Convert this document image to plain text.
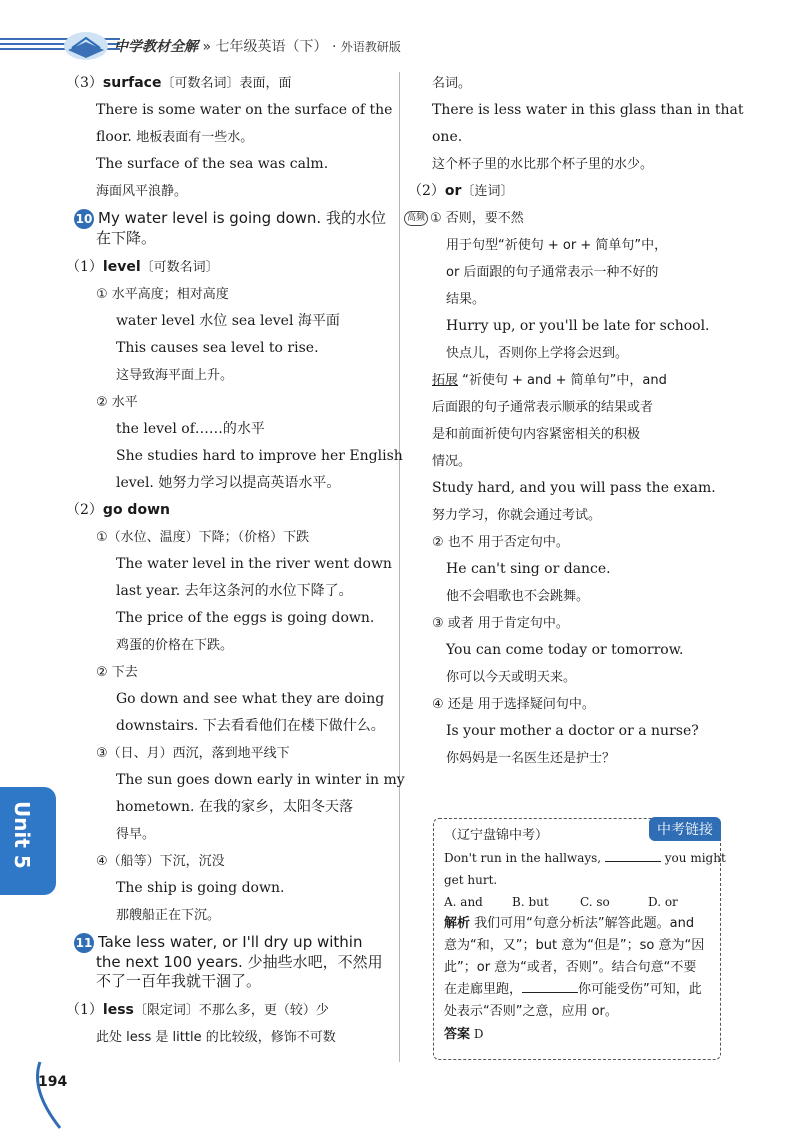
中学教材全解 » 七年级英语（下） · 外语教研版

（3）surface〔可数名词〕表面，面

There is some water on the surface of the

floor. 地板表面有一些水。

The surface of the sea was calm.

海面风平浪静。

10 My water level is going down. 我的水位在下降。

（1）level〔可数名词〕

① 水平高度；相对高度

water level 水位 sea level 海平面

This causes sea level to rise.

这导致海平面上升。

② 水平

the level of……的水平

She studies hard to improve her English

level. 她努力学习以提高英语水平。

（2）go down

①（水位、温度）下降；（价格）下跌

The water level in the river went down

last year. 去年这条河的水位下降了。

The price of the eggs is going down.

鸡蛋的价格在下跌。

② 下去

Go down and see what they are doing

downstairs. 下去看看他们在楼下做什么。

③（日、月）西沉，落到地平线下

The sun goes down early in winter in my

hometown. 在我的家乡，太阳冬天落

得早。

④（船等）下沉，沉没

The ship is going down.

那艘船正在下沉。

11 Take less water, or I'll dry up within the next 100 years. 少抽些水吧，不然用不了一百年我就干涸了。

（1）less〔限定词〕不那么多，更（较）少

此处 less 是 little 的比较级，修饰不可数

名词。

There is less water in this glass than in that

one.

这个杯子里的水比那个杯子里的水少。

（2）or〔连词〕

高频 ① 否则，要不然

用于句型“祈使句 + or + 简单句”中，

or 后面跟的句子通常表示一种不好的

结果。

Hurry up, or you'll be late for school.

快点儿，否则你上学将会迟到。

拓展 “祈使句 + and + 简单句”中，and

后面跟的句子通常表示顺承的结果或者

是和前面祈使句内容紧密相关的积极

情况。

Study hard, and you will pass the exam.

努力学习，你就会通过考试。

② 也不 用于否定句中。

He can't sing or dance.

他不会唱歌也不会跳舞。

③ 或者 用于肯定句中。

You can come today or tomorrow.

你可以今天或明天来。

④ 还是 用于选择疑问句中。

Is your mother a doctor or a nurse?

你妈妈是一名医生还是护士？

中考链接

（辽宁盘锦中考）

Don't run in the hallways,	you might

get hurt.

A. and B. but	C. so	D. or

解析 我们可用“句意分析法”解答此题。and

意为“和，又”；but 意为“但是”；so 意为“因

此”；or 意为“或者，否则”。结合句意“不要

在走廊里跑，	你可能受伤”可知，此

处表示“否则”之意，应用 or。

答案 D

Unit 5
194
